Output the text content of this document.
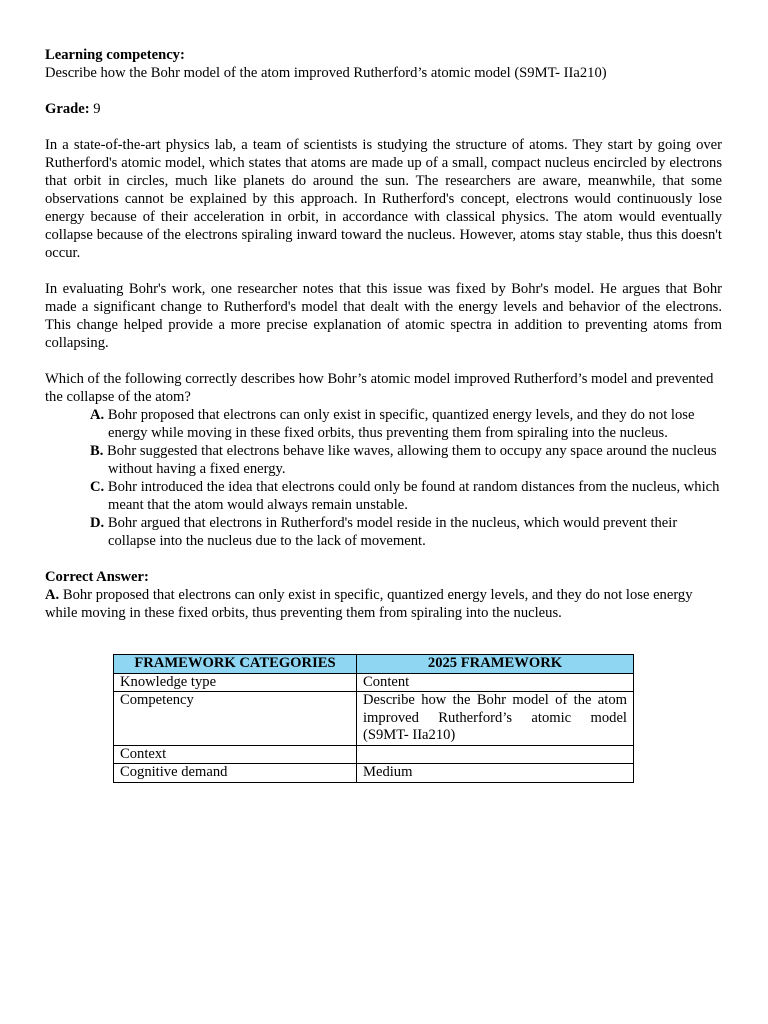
Learning competency:

Describe how the Bohr model of the atom improved Rutherford’s atomic model (S9MT- IIa210)

Grade: 9

In a state-of-the-art physics lab, a team of scientists is studying the structure of atoms. They start by going over Rutherford's atomic model, which states that atoms are made up of a small, compact nucleus encircled by electrons that orbit in circles, much like planets do around the sun. The researchers are aware, meanwhile, that some observations cannot be explained by this approach. In Rutherford's concept, electrons would continuously lose energy because of their acceleration in orbit, in accordance with classical physics. The atom would eventually collapse because of the electrons spiraling inward toward the nucleus. However, atoms stay stable, thus this doesn't occur.

In evaluating Bohr's work, one researcher notes that this issue was fixed by Bohr's model. He argues that Bohr made a significant change to Rutherford's model that dealt with the energy levels and behavior of the electrons. This change helped provide a more precise explanation of atomic spectra in addition to preventing atoms from collapsing.

Which of the following correctly describes how Bohr’s atomic model improved Rutherford’s model and prevented the collapse of the atom?

A. Bohr proposed that electrons can only exist in specific, quantized energy levels, and they do not lose energy while moving in these fixed orbits, thus preventing them from spiraling into the nucleus.
B. Bohr suggested that electrons behave like waves, allowing them to occupy any space around the nucleus without having a fixed energy.
C. Bohr introduced the idea that electrons could only be found at random distances from the nucleus, which meant that the atom would always remain unstable.
D. Bohr argued that electrons in Rutherford's model reside in the nucleus, which would prevent their collapse into the nucleus due to the lack of movement.

Correct Answer:

A. Bohr proposed that electrons can only exist in specific, quantized energy levels, and they do not lose energy while moving in these fixed orbits, thus preventing them from spiraling into the nucleus.

FRAMEWORK CATEGORIES	2025 FRAMEWORK
Knowledge type	Content
Competency	Describe how the Bohr model of the atom improved Rutherford’s atomic model (S9MT- IIa210)
Context	
Cognitive demand	Medium
